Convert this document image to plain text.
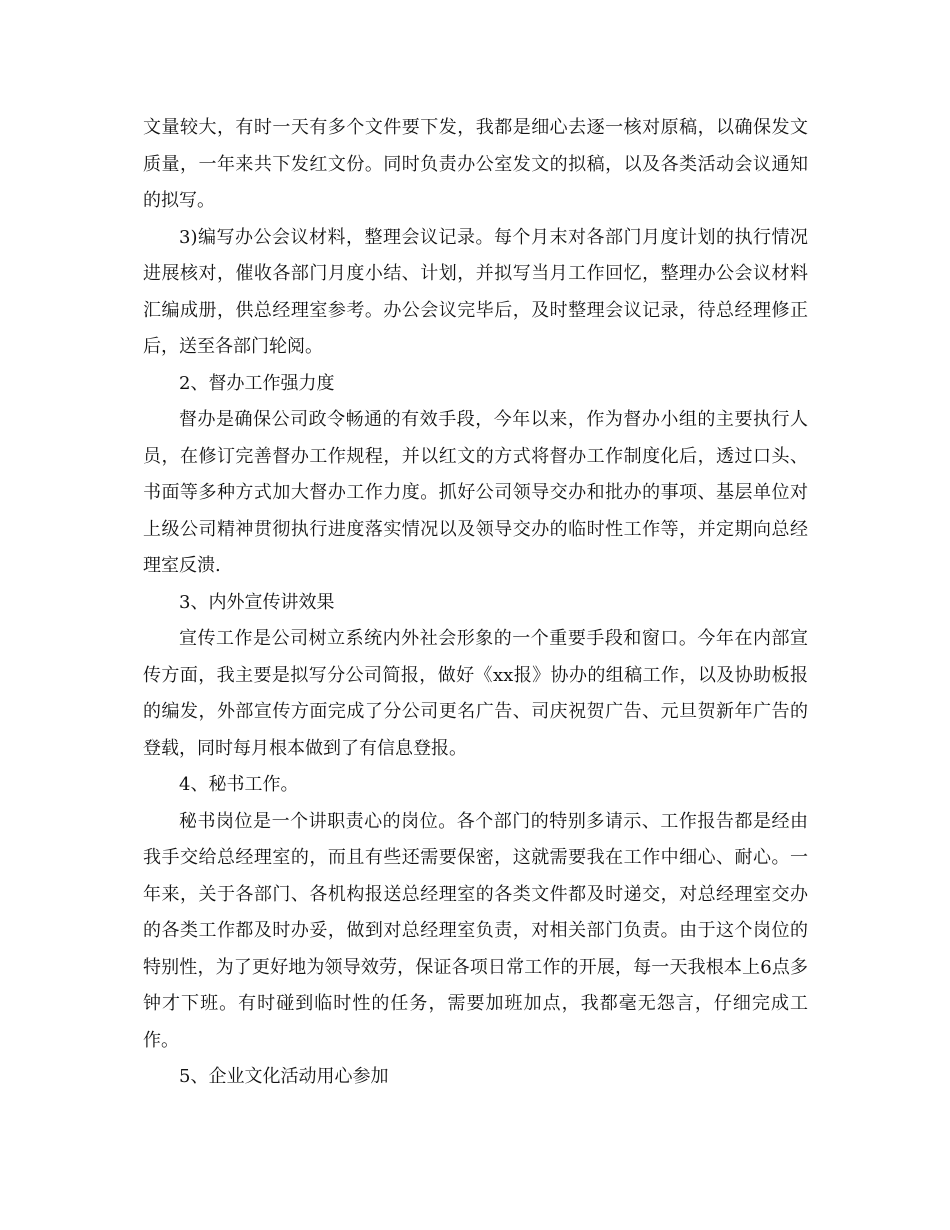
文量较大，有时一天有多个文件要下发，我都是细心去逐一核对原稿，以确保发文质量，一年来共下发红文份。同时负责办公室发文的拟稿，以及各类活动会议通知的拟写。

3)编写办公会议材料，整理会议记录。每个月末对各部门月度计划的执行情况进展核对，催收各部门月度小结、计划，并拟写当月工作回忆，整理办公会议材料汇编成册，供总经理室参考。办公会议完毕后，及时整理会议记录，待总经理修正后，送至各部门轮阅。

2、督办工作强力度

督办是确保公司政令畅通的有效手段，今年以来，作为督办小组的主要执行人员，在修订完善督办工作规程，并以红文的方式将督办工作制度化后，透过口头、书面等多种方式加大督办工作力度。抓好公司领导交办和批办的事项、基层单位对上级公司精神贯彻执行进度落实情况以及领导交办的临时性工作等，并定期向总经理室反溃.

3、内外宣传讲效果

宣传工作是公司树立系统内外社会形象的一个重要手段和窗口。今年在内部宣传方面，我主要是拟写分公司简报，做好《xx报》协办的组稿工作，以及协助板报的编发，外部宣传方面完成了分公司更名广告、司庆祝贺广告、元旦贺新年广告的登载，同时每月根本做到了有信息登报。

4、秘书工作。

秘书岗位是一个讲职责心的岗位。各个部门的特别多请示、工作报告都是经由我手交给总经理室的，而且有些还需要保密，这就需要我在工作中细心、耐心。一年来，关于各部门、各机构报送总经理室的各类文件都及时递交，对总经理室交办的各类工作都及时办妥，做到对总经理室负责，对相关部门负责。由于这个岗位的特别性，为了更好地为领导效劳，保证各项日常工作的开展，每一天我根本上6点多钟才下班。有时碰到临时性的任务，需要加班加点，我都毫无怨言，仔细完成工作。

5、企业文化活动用心参加
